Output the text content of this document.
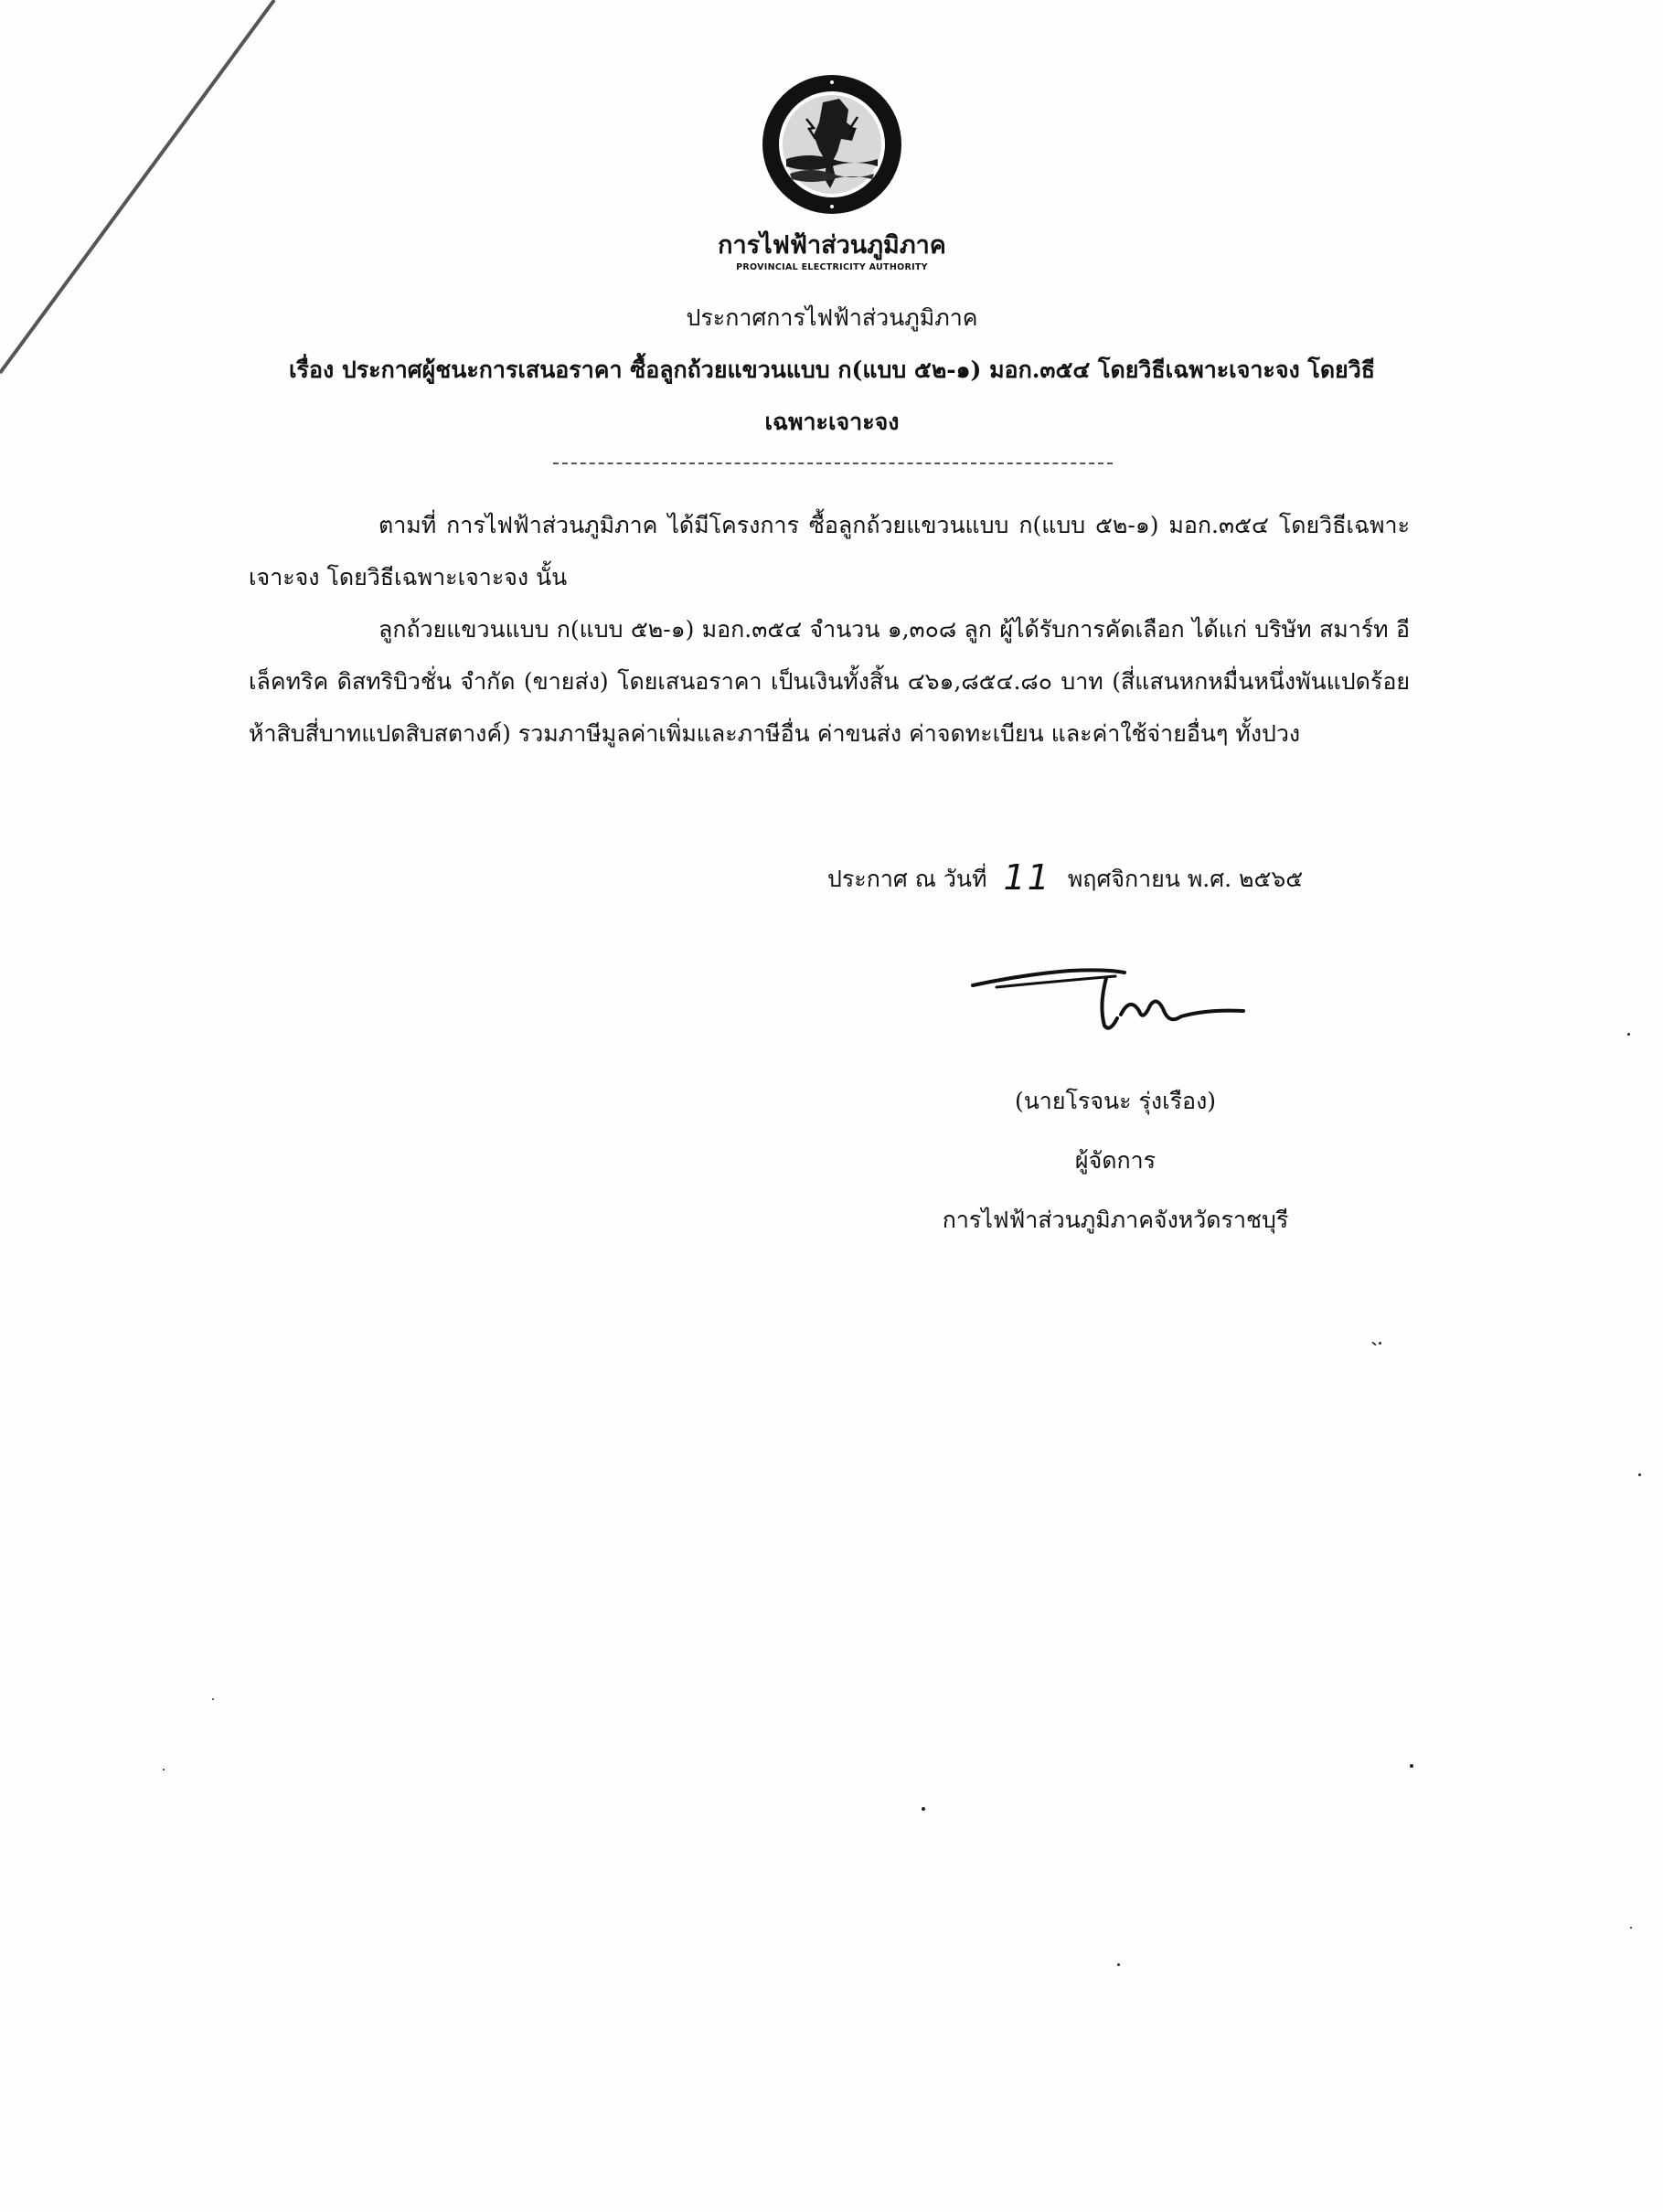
การไฟฟ้าส่วนภูมิภาค
PROVINCIAL ELECTRICITY AUTHORITY
ประกาศการไฟฟ้าส่วนภูมิภาค
เรื่อง ประกาศผู้ชนะการเสนอราคา ซื้อลูกถ้วยแขวนแบบ ก(แบบ ๕๒-๑) มอก.๓๕๔ โดยวิธีเฉพาะเจาะจง โดยวิธี
เฉพาะเจาะจง
ตามที่ การไฟฟ้าส่วนภูมิภาค ได้มีโครงการ ซื้อลูกถ้วยแขวนแบบ ก(แบบ ๕๒-๑) มอก.๓๕๔ โดยวิธีเฉพาะเจาะจง โดยวิธีเฉพาะเจาะจง นั้น
ลูกถ้วยแขวนแบบ ก(แบบ ๕๒-๑) มอก.๓๕๔ จำนวน ๑,๓๐๘ ลูก ผู้ได้รับการคัดเลือก ได้แก่ บริษัท สมาร์ท อีเล็คทริค ดิสทริบิวชั่น จำกัด (ขายส่ง) โดยเสนอราคา เป็นเงินทั้งสิ้น ๔๖๑,๘๕๔.๘๐ บาท (สี่แสนหกหมื่นหนึ่งพันแปดร้อยห้าสิบสี่บาทแปดสิบสตางค์) รวมภาษีมูลค่าเพิ่มและภาษีอื่น ค่าขนส่ง ค่าจดทะเบียน และค่าใช้จ่ายอื่นๆ ทั้งปวง
ประกาศ ณ วันที่ 11 พฤศจิกายน พ.ศ. ๒๕๖๕
(นายโรจนะ รุ่งเรือง)
ผู้จัดการ
การไฟฟ้าส่วนภูมิภาคจังหวัดราชบุรี
